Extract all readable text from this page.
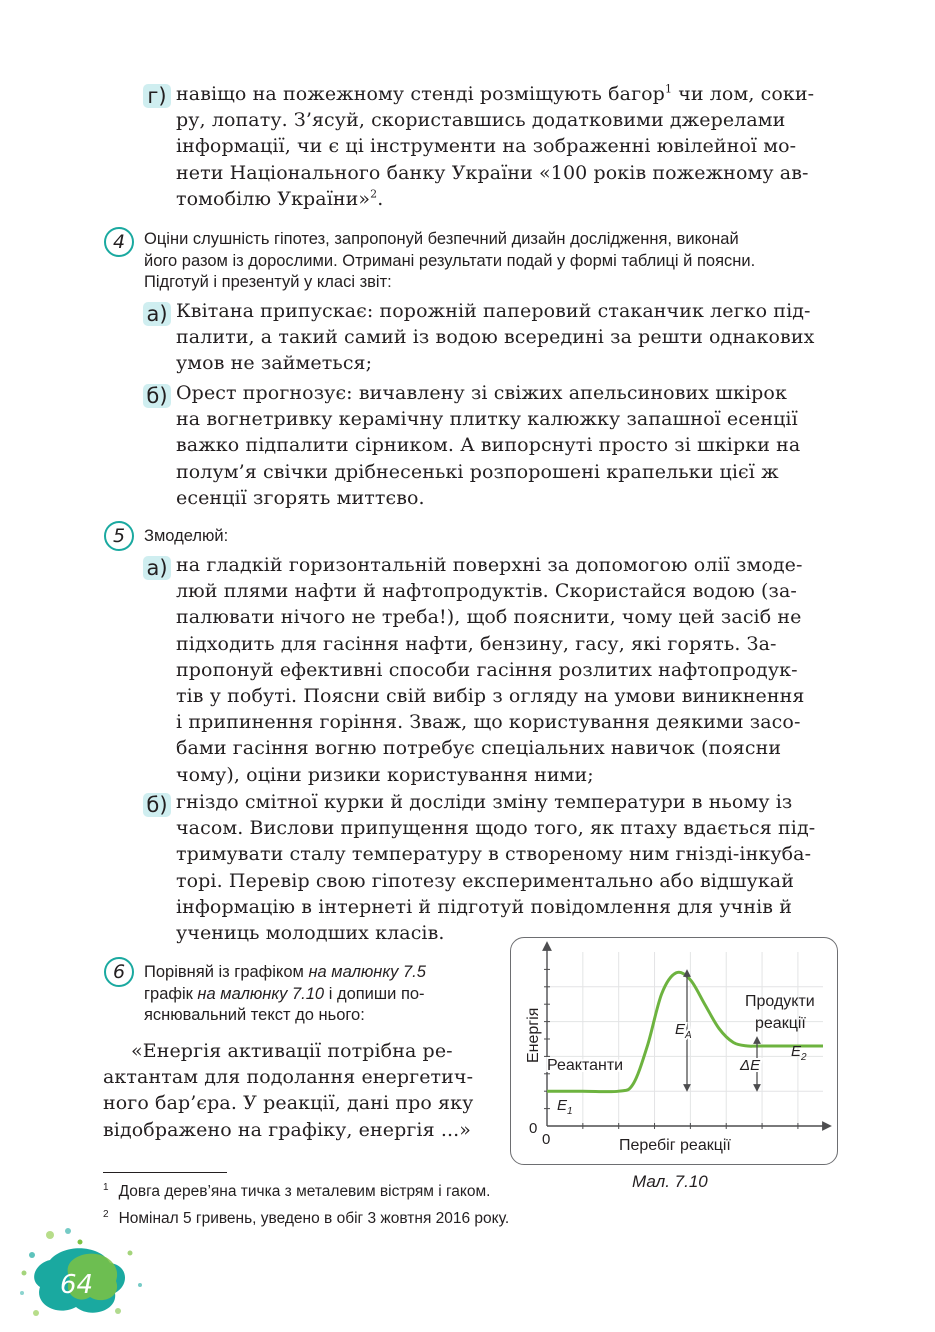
г) навіщо на пожежному стенді розміщують багор$^1$ чи лом, соки-
ру, лопату. З’ясуй, скориставшись додатковими джерелами
інформації, чи є ці інструменти на зображенні ювілейної мо-
нети Національного банку України «100 років пожежному ав-
томобілю України»$^2$.
4	Оціни слушність гіпотез, запропонуй безпечний дизайн дослідження, виконай
його разом із дорослими. Отримані результати подай у формі таблиці й поясни.
Підготуй і презентуй у класі звіт:
а) Квітана припускає: порожній паперовий стаканчик легко під-
палити, а такий самий із водою всередині за решти однакових
умов не займеться;
б) Орест прогнозує: вичавлену зі свіжих апельсинових шкірок
на вогнетривку керамічну плитку калюжку запашної есенції
важко підпалити сірником. А випорснуті просто зі шкірки на
полум’я свічки дрібнесенькі розпорошені крапельки цієї ж
есенції згорять миттєво.
5	Змоделюй:
а) на гладкій горизонтальній поверхні за допомогою олії змоде-
люй плями нафти й нафтопродуктів. Скористайся водою (за-
палювати нічого не треба!), щоб пояснити, чому цей засіб не
підходить для гасіння нафти, бензину, гасу, які горять. За-
пропонуй ефективні способи гасіння розлитих нафтопродук-
тів у побуті. Поясни свій вибір з огляду на умови виникнення
і припинення горіння. Зваж, що користування деякими засо-
бами гасіння вогню потребує спеціальних навичок (поясни
чому), оціни ризики користування ними;
б) гніздо смітної курки й досліди зміну температури в ньому із
часом. Вислови припущення щодо того, як птаху вдається під-
тримувати сталу температуру в створеному ним гнізді-інкуба-
торі. Перевір свою гіпотезу експериментально або відшукай
інформацію в інтернеті й підготуй повідомлення для учнів й
учениць молодших класів.
6	Порівняй із графіком на малюнку 7.5
графік на малюнку 7.10 і допиши по-
яснювальний текст до нього:
«Енергія активації потрібна ре-
актантам для подолання енергетич-
ного бар’єра. У реакції, дані про яку
відображено на графіку, енергія ...»
Енергія
Перебіг реакції
0
0
Реактанти
Продукти
реакції
$E_1$
$E_A$
$E_2$
ΔE
Мал. 7.10
$^1$ Довга дерев’яна тичка з металевим вістрям і гаком.
$^2$ Номінал 5 гривень, уведено в обіг 3 жовтня 2016 року.
64
